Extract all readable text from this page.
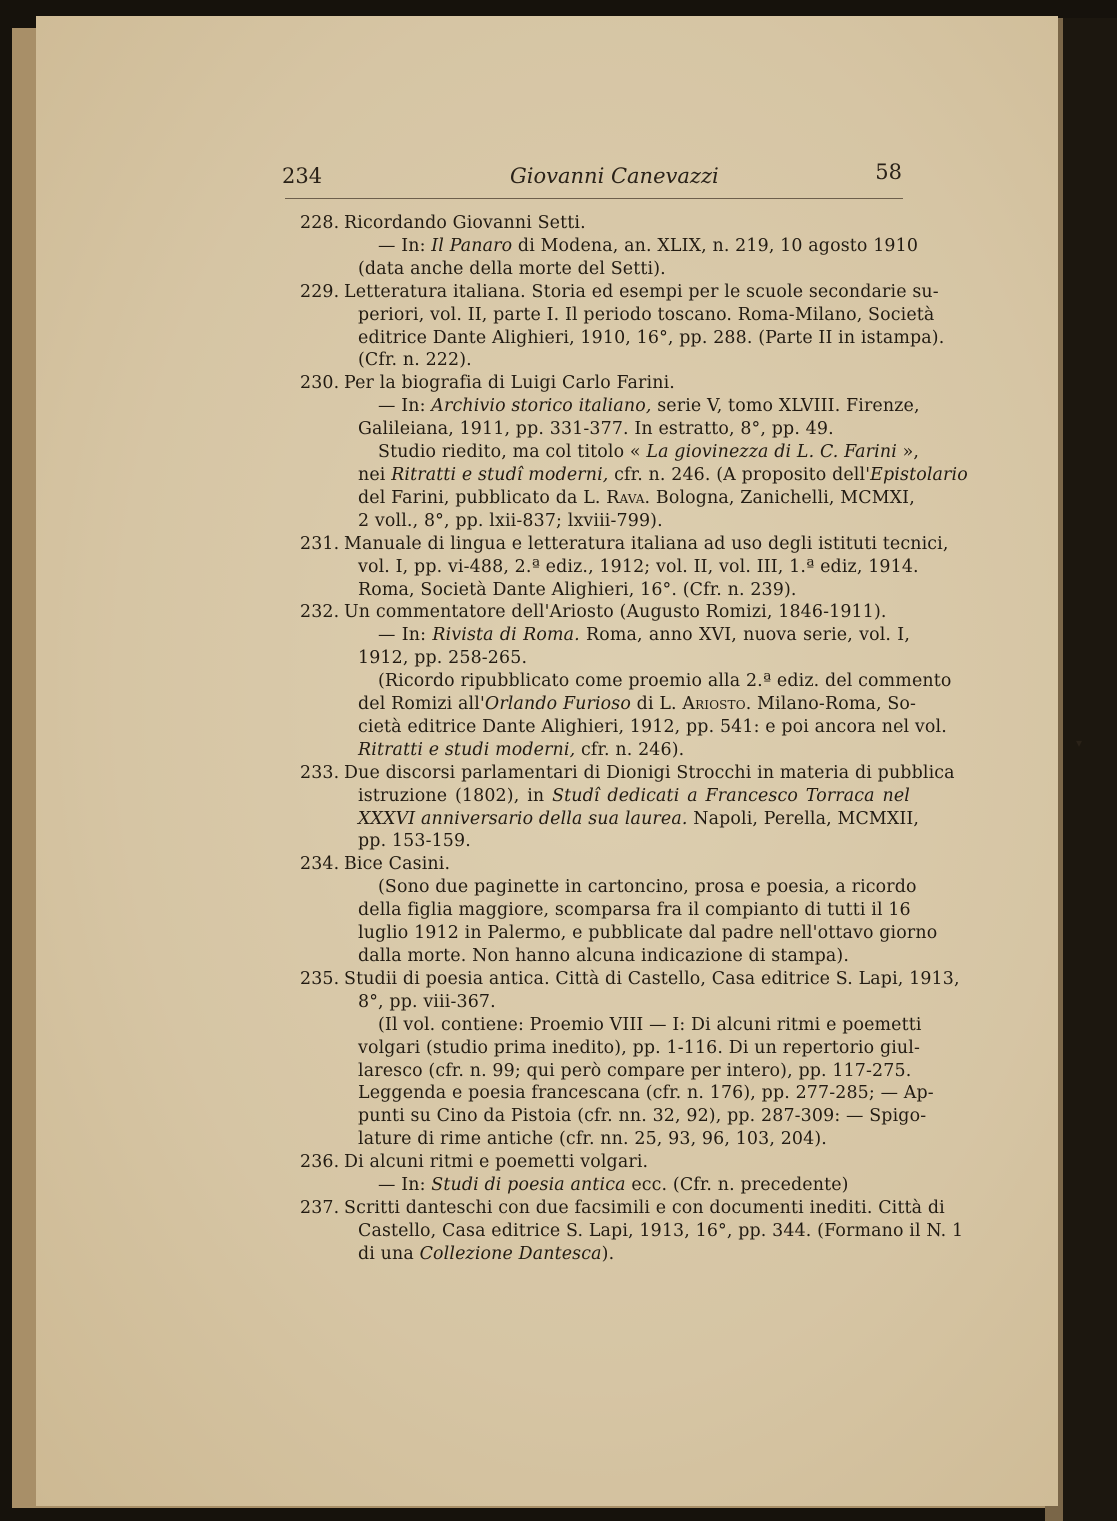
234	Giovanni Canevazzi	58
228. Ricordando Giovanni Setti.
— In: Il Panaro di Modena, an. XLIX, n. 219, 10 agosto 1910
(data anche della morte del Setti).
229. Letteratura italiana. Storia ed esempi per le scuole secondarie su-
periori, vol. II, parte I. Il periodo toscano. Roma-Milano, Società
editrice Dante Alighieri, 1910, 16°, pp. 288. (Parte II in istampa).
(Cfr. n. 222).
230. Per la biografia di Luigi Carlo Farini.
— In: Archivio storico italiano, serie V, tomo XLVIII. Firenze,
Galileiana, 1911, pp. 331-377. In estratto, 8°, pp. 49.
Studio riedito, ma col titolo « La giovinezza di L. C. Farini »,
nei Ritratti e studî moderni, cfr. n. 246. (A proposito dell'Epistolario
del Farini, pubblicato da L. Rava. Bologna, Zanichelli, MCMXI,
2 voll., 8°, pp. lxii-837; lxviii-799).
231. Manuale di lingua e letteratura italiana ad uso degli istituti tecnici,
vol. I, pp. vi-488, 2.ª ediz., 1912; vol. II, vol. III, 1.ª ediz, 1914.
Roma, Società Dante Alighieri, 16°. (Cfr. n. 239).
232. Un commentatore dell'Ariosto (Augusto Romizi, 1846-1911).
— In: Rivista di Roma. Roma, anno XVI, nuova serie, vol. I,
1912, pp. 258-265.
(Ricordo ripubblicato come proemio alla 2.ª ediz. del commento
del Romizi all'Orlando Furioso di L. Ariosto. Milano-Roma, So-
cietà editrice Dante Alighieri, 1912, pp. 541: e poi ancora nel vol.
Ritratti e studi moderni, cfr. n. 246).
233. Due discorsi parlamentari di Dionigi Strocchi in materia di pubblica
istruzione (1802), in Studî dedicati a Francesco Torraca nel
XXXVI anniversario della sua laurea. Napoli, Perella, MCMXII,
pp. 153-159.
234. Bice Casini.
(Sono due paginette in cartoncino, prosa e poesia, a ricordo
della figlia maggiore, scomparsa fra il compianto di tutti il 16
luglio 1912 in Palermo, e pubblicate dal padre nell'ottavo giorno
dalla morte. Non hanno alcuna indicazione di stampa).
235. Studii di poesia antica. Città di Castello, Casa editrice S. Lapi, 1913,
8°, pp. viii-367.
(Il vol. contiene: Proemio VIII — I: Di alcuni ritmi e poemetti
volgari (studio prima inedito), pp. 1-116. Di un repertorio giul-
laresco (cfr. n. 99; qui però compare per intero), pp. 117-275.
Leggenda e poesia francescana (cfr. n. 176), pp. 277-285; — Ap-
punti su Cino da Pistoia (cfr. nn. 32, 92), pp. 287-309: — Spigo-
lature di rime antiche (cfr. nn. 25, 93, 96, 103, 204).
236. Di alcuni ritmi e poemetti volgari.
— In: Studi di poesia antica ecc. (Cfr. n. precedente)
237. Scritti danteschi con due facsimili e con documenti inediti. Città di
Castello, Casa editrice S. Lapi, 1913, 16°, pp. 344. (Formano il N. 1
di una Collezione Dantesca).
▾
